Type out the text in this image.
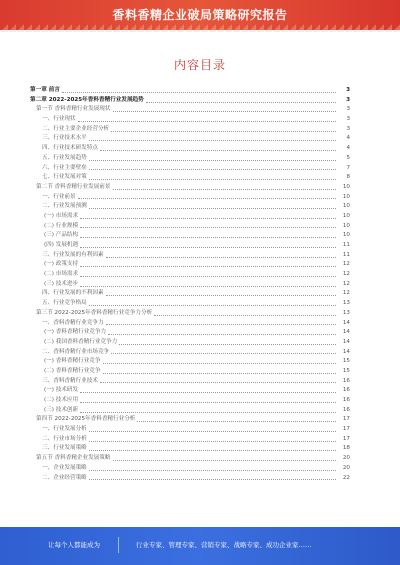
香料香精企业破局策略研究报告
内容目录
第一章 前言	3
第二章 2022-2025年香料香精行业发展趋势	3
第一节 香料香精行业发展现状	3
一、行业现状	3
二、行业主要企业经营分析	3
三、行业技术水平	4
四、行业技术研发特点	4
五、行业发展趋势	5
六、行业主要壁垒	7
七、行业发展对策	8
第二节 香料香精行业发展前景	10
一、行业前景	10
二、行业发展预测	10
(一) 市场需求	10
(二) 行业规模	10
(三) 产品结构	10
(四) 发展机遇	11
三、行业发展的有利因素	11
(一) 政策支持	12
(二) 市场需求	12
(三) 技术进步	12
四、行业发展的不利因素	12
五、行业竞争格局	13
第三节 2022-2025年香料香精行业竞争力分析	13
一、香料香精行业竞争力	14
(一) 香料香精行业竞争力	14
(二) 我国香料香精行业竞争力	14
二、香料香精行业市场竞争	14
(一) 香料香精行业竞争	15
(二) 香料香精行业竞争	15
三、香料香精行业技术	16
(一) 技术研发	16
(二) 技术应用	16
(三) 技术创新	16
第四节 2022-2025年香料香精行业分析	17
一、行业发展分析	17
二、行业市场分析	17
三、行业发展策略	18
第五节 香料香精企业发展策略	20
一、企业发展策略	20
二、企业经营策略	22
让每个人都能成为	行业专家、管理专家、营销专家、战略专家、成功企业家……
